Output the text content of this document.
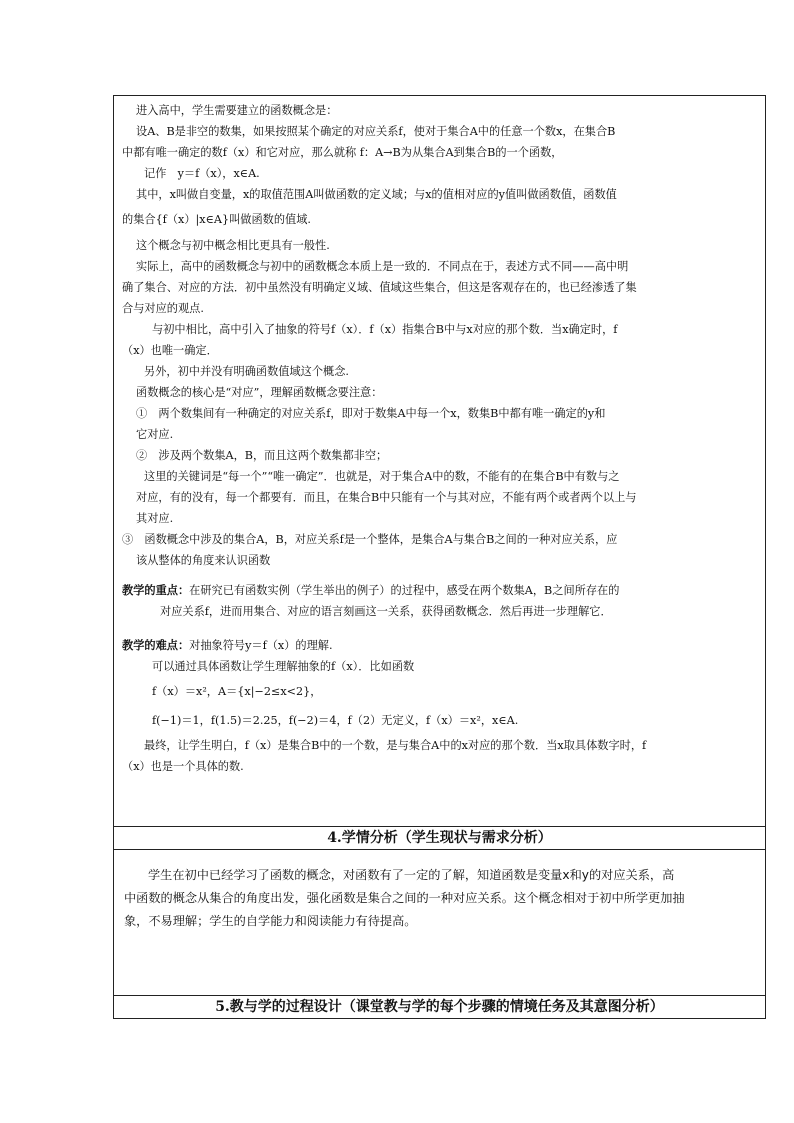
进入高中，学生需要建立的函数概念是：
设A、B是非空的数集，如果按照某个确定的对应关系f，使对于集合A中的任意一个数x，在集合B
中都有唯一确定的数f（x）和它对应，那么就称 f：A→B为从集合A到集合B的一个函数，
记作　y＝f（x），x∈A.
其中，x叫做自变量，x的取值范围A叫做函数的定义域；与x的值相对应的y值叫做函数值，函数值
的集合{f（x）|x∈A}叫做函数的值域.
这个概念与初中概念相比更具有一般性.
实际上，高中的函数概念与初中的函数概念本质上是一致的．不同点在于，表述方式不同——高中明
确了集合、对应的方法．初中虽然没有明确定义域、值域这些集合，但这是客观存在的，也已经渗透了集
合与对应的观点.
与初中相比，高中引入了抽象的符号f（x）．f（x）指集合B中与x对应的那个数．当x确定时，f
（x）也唯一确定．
另外，初中并没有明确函数值域这个概念.
函数概念的核心是“对应”，理解函数概念要注意：
①　两个数集间有一种确定的对应关系f，即对于数集A中每一个x，数集B中都有唯一确定的y和
它对应.
②　涉及两个数集A，B，而且这两个数集都非空；
这里的关键词是“每一个”“唯一确定”．也就是，对于集合A中的数，不能有的在集合B中有数与之
对应，有的没有，每一个都要有．而且，在集合B中只能有一个与其对应，不能有两个或者两个以上与
其对应.
③　函数概念中涉及的集合A，B，对应关系f是一个整体，是集合A与集合B之间的一种对应关系，应
该从整体的角度来认识函数
教学的重点：在研究已有函数实例（学生举出的例子）的过程中，感受在两个数集A，B之间所存在的
对应关系f，进而用集合、对应的语言刻画这一关系，获得函数概念．然后再进一步理解它．
教学的难点：对抽象符号y＝f（x）的理解.
可以通过具体函数让学生理解抽象的f（x）．比如函数
f（x）＝x²，A＝{x|−2≤x<2}，
f(−1)＝1，f(1.5)＝2.25，f(−2)＝4，f（2）无定义，f（x）＝x²，x∈A.
最终，让学生明白，f（x）是集合B中的一个数，是与集合A中的x对应的那个数．当x取具体数字时，f
（x）也是一个具体的数.

4.学情分析（学生现状与需求分析）

学生在初中已经学习了函数的概念，对函数有了一定的了解，知道函数是变量x和y的对应关系，高
中函数的概念从集合的角度出发，强化函数是集合之间的一种对应关系。这个概念相对于初中所学更加抽
象，不易理解；学生的自学能力和阅读能力有待提高。

5.教与学的过程设计（课堂教与学的每个步骤的情境任务及其意图分析）
